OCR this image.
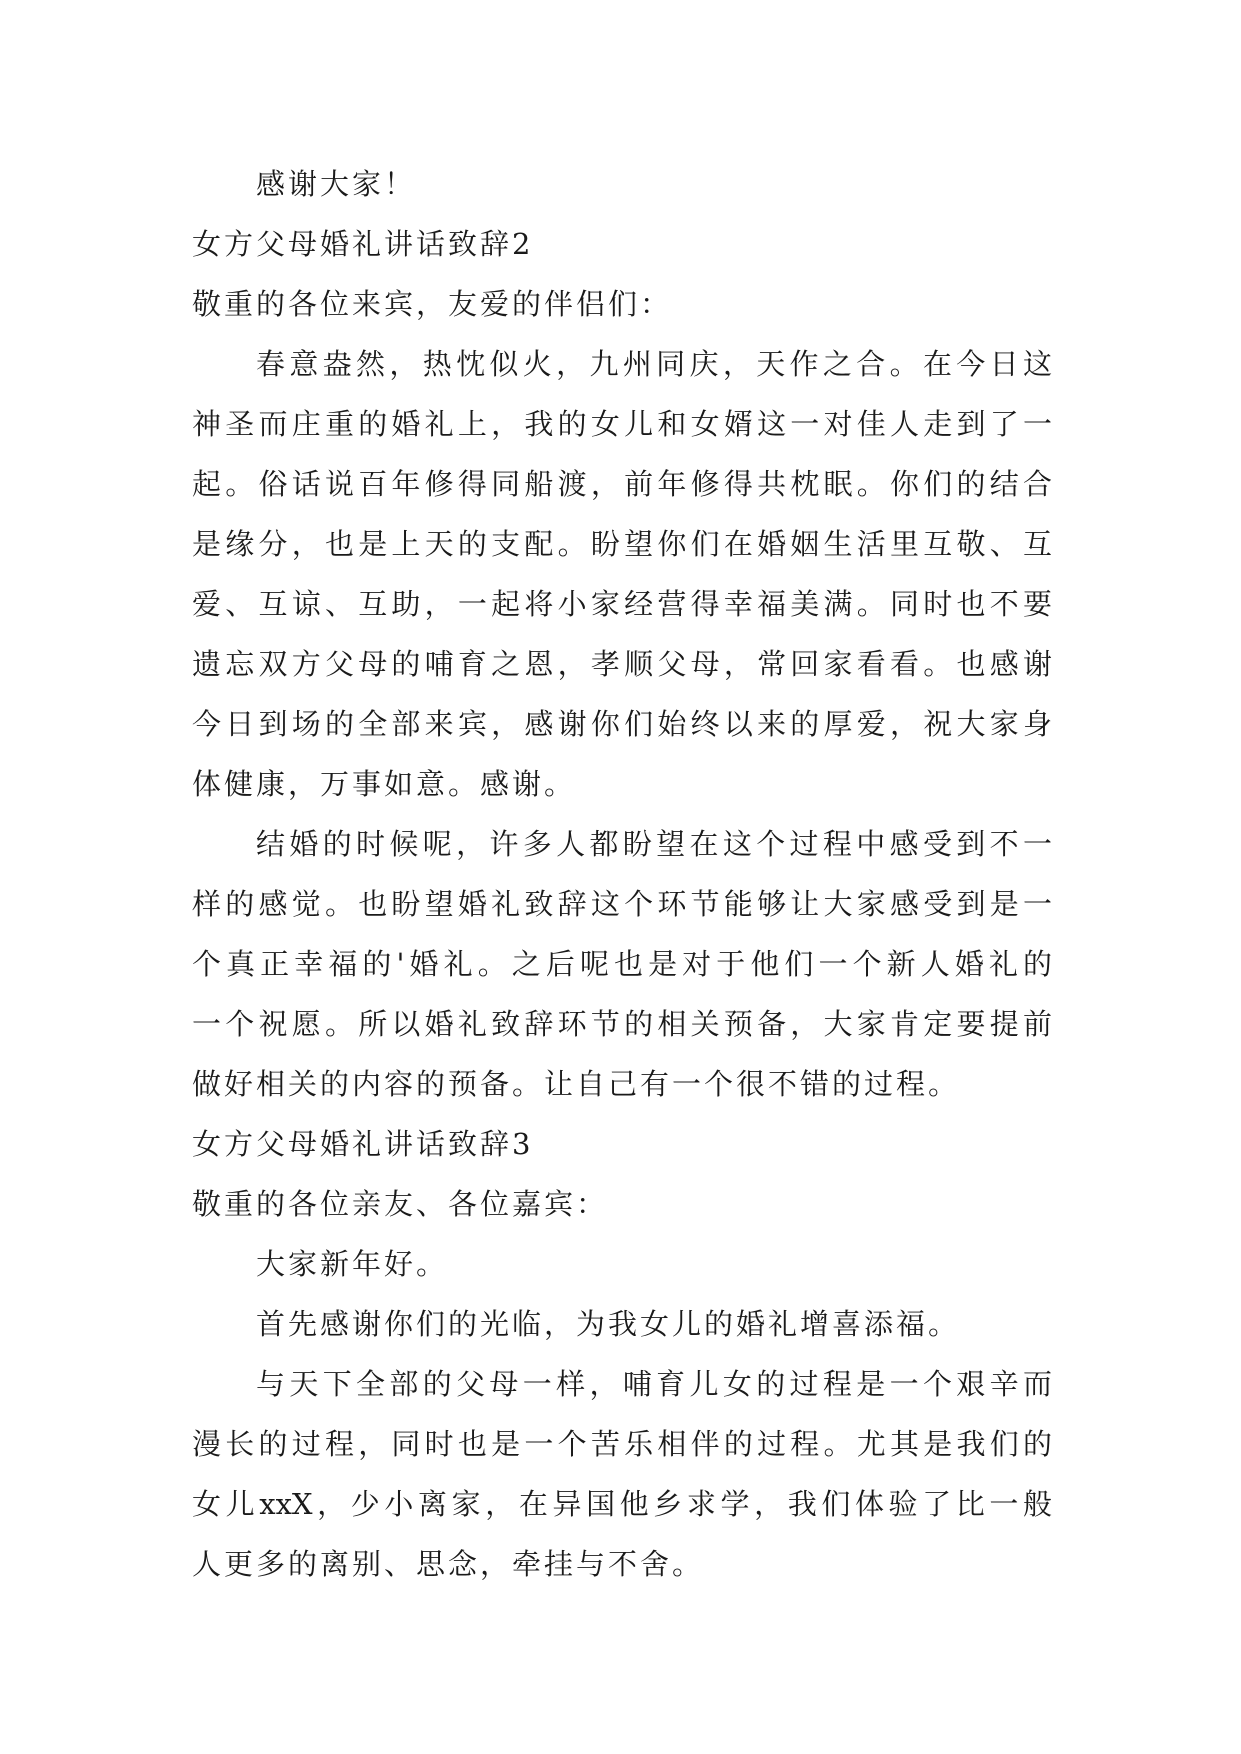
感谢大家！
女方父母婚礼讲话致辞2
敬重的各位来宾，友爱的伴侣们：
春意盎然，热忱似火，九州同庆，天作之合。在今日这
神圣而庄重的婚礼上，我的女儿和女婿这一对佳人走到了一
起。俗话说百年修得同船渡，前年修得共枕眠。你们的结合
是缘分，也是上天的支配。盼望你们在婚姻生活里互敬、互
爱、互谅、互助，一起将小家经营得幸福美满。同时也不要
遗忘双方父母的哺育之恩，孝顺父母，常回家看看。也感谢
今日到场的全部来宾，感谢你们始终以来的厚爱，祝大家身
体健康，万事如意。感谢。
结婚的时候呢，许多人都盼望在这个过程中感受到不一
样的感觉。也盼望婚礼致辞这个环节能够让大家感受到是一
个真正幸福的'婚礼。之后呢也是对于他们一个新人婚礼的
一个祝愿。所以婚礼致辞环节的相关预备，大家肯定要提前
做好相关的内容的预备。让自己有一个很不错的过程。
女方父母婚礼讲话致辞3
敬重的各位亲友、各位嘉宾：
大家新年好。
首先感谢你们的光临，为我女儿的婚礼增喜添福。
与天下全部的父母一样，哺育儿女的过程是一个艰辛而
漫长的过程，同时也是一个苦乐相伴的过程。尤其是我们的
女儿xxX，少小离家，在异国他乡求学，我们体验了比一般
人更多的离别、思念，牵挂与不舍。
